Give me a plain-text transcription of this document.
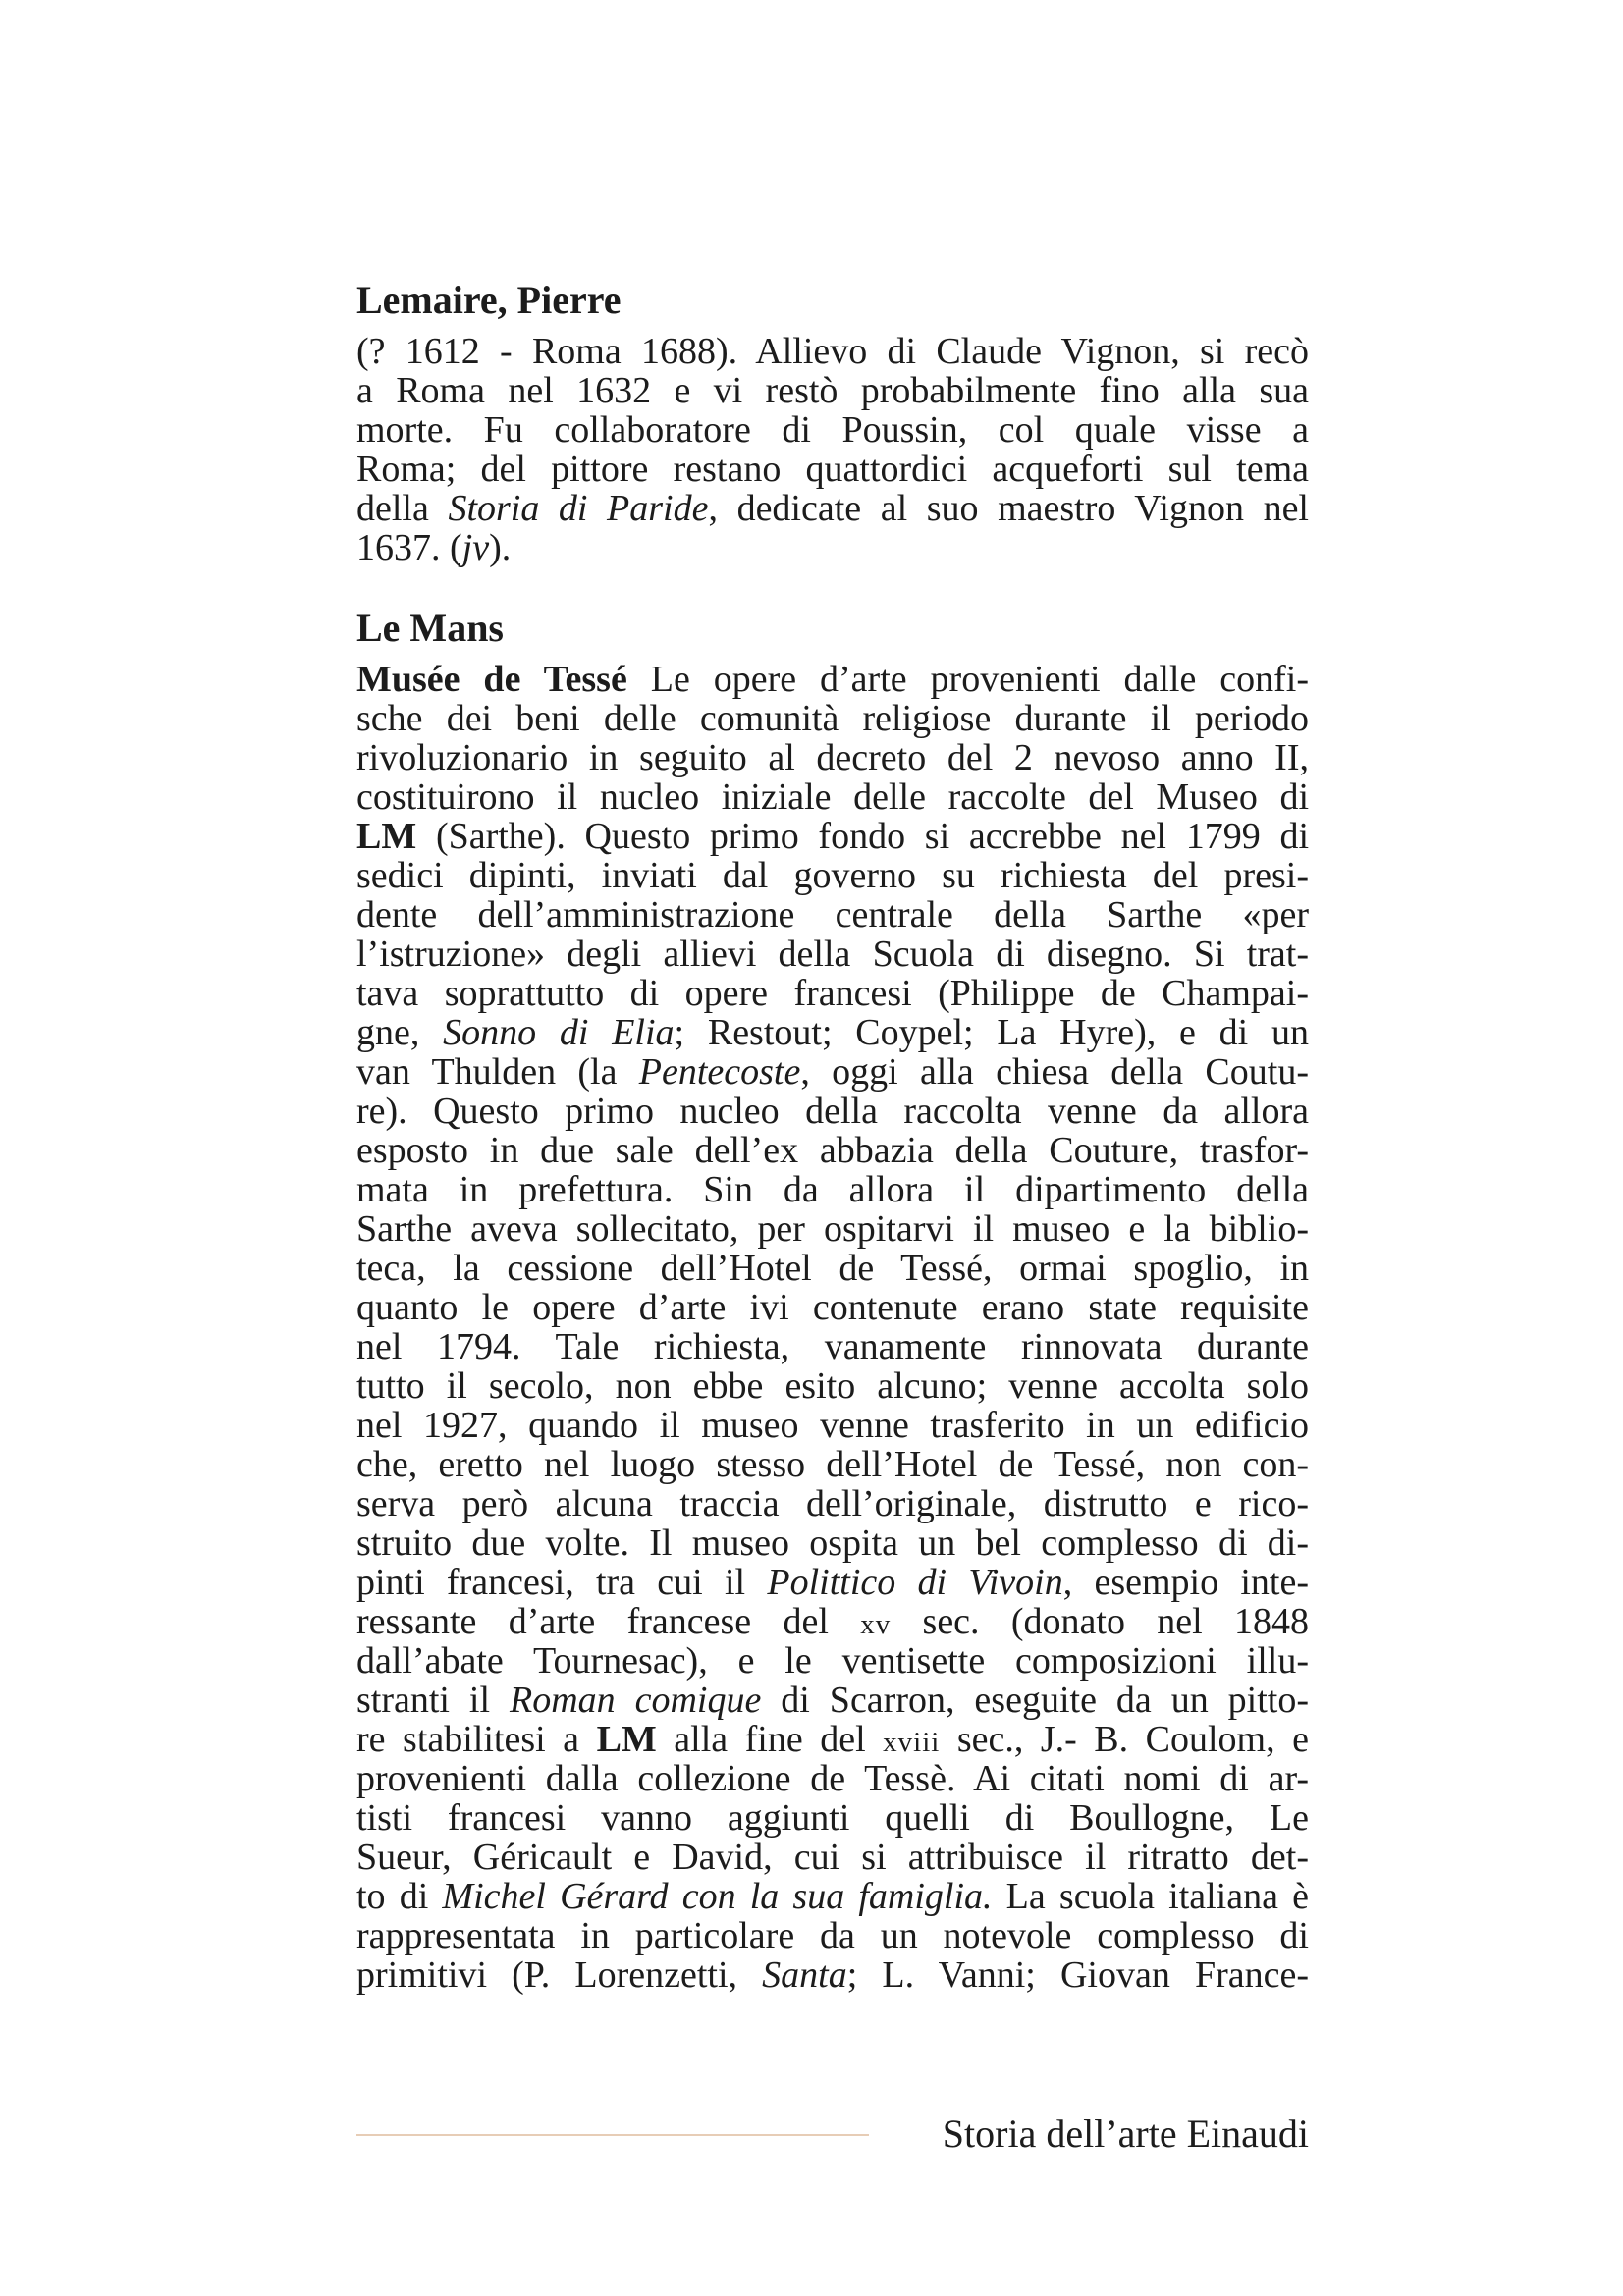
Lemaire, Pierre

(? 1612 - Roma 1688). Allievo di Claude Vignon, si recò

a Roma nel 1632 e vi restò probabilmente fino alla sua

morte. Fu collaboratore di Poussin, col quale visse a

Roma; del pittore restano quattordici acqueforti sul tema

della Storia di Paride, dedicate al suo maestro Vignon nel

1637. (jv).

Le Mans

Musée de Tessé Le opere d’arte provenienti dalle confi-

sche dei beni delle comunità religiose durante il periodo

rivoluzionario in seguito al decreto del 2 nevoso anno II,

costituirono il nucleo iniziale delle raccolte del Museo di

LM (Sarthe). Questo primo fondo si accrebbe nel 1799 di

sedici dipinti, inviati dal governo su richiesta del presi-

dente dell’amministrazione centrale della Sarthe «per

l’istruzione» degli allievi della Scuola di disegno. Si trat-

tava soprattutto di opere francesi (Philippe de Champai-

gne, Sonno di Elia; Restout; Coypel; La Hyre), e di un

van Thulden (la Pentecoste, oggi alla chiesa della Coutu-

re). Questo primo nucleo della raccolta venne da allora

esposto in due sale dell’ex abbazia della Couture, trasfor-

mata in prefettura. Sin da allora il dipartimento della

Sarthe aveva sollecitato, per ospitarvi il museo e la biblio-

teca, la cessione dell’Hotel de Tessé, ormai spoglio, in

quanto le opere d’arte ivi contenute erano state requisite

nel 1794. Tale richiesta, vanamente rinnovata durante

tutto il secolo, non ebbe esito alcuno; venne accolta solo

nel 1927, quando il museo venne trasferito in un edificio

che, eretto nel luogo stesso dell’Hotel de Tessé, non con-

serva però alcuna traccia dell’originale, distrutto e rico-

struito due volte. Il museo ospita un bel complesso di di-

pinti francesi, tra cui il Polittico di Vivoin, esempio inte-

ressante d’arte francese del xv sec. (donato nel 1848

dall’abate Tournesac), e le ventisette composizioni illu-

stranti il Roman comique di Scarron, eseguite da un pitto-

re stabilitesi a LM alla fine del xviii sec., J.- B. Coulom, e

provenienti dalla collezione de Tessè. Ai citati nomi di ar-

tisti francesi vanno aggiunti quelli di Boullogne, Le

Sueur, Géricault e David, cui si attribuisce il ritratto det-

to di Michel Gérard con la sua famiglia. La scuola italiana è

rappresentata in particolare da un notevole complesso di

primitivi (P. Lorenzetti, Santa; L. Vanni; Giovan France-

Storia dell’arte Einaudi
